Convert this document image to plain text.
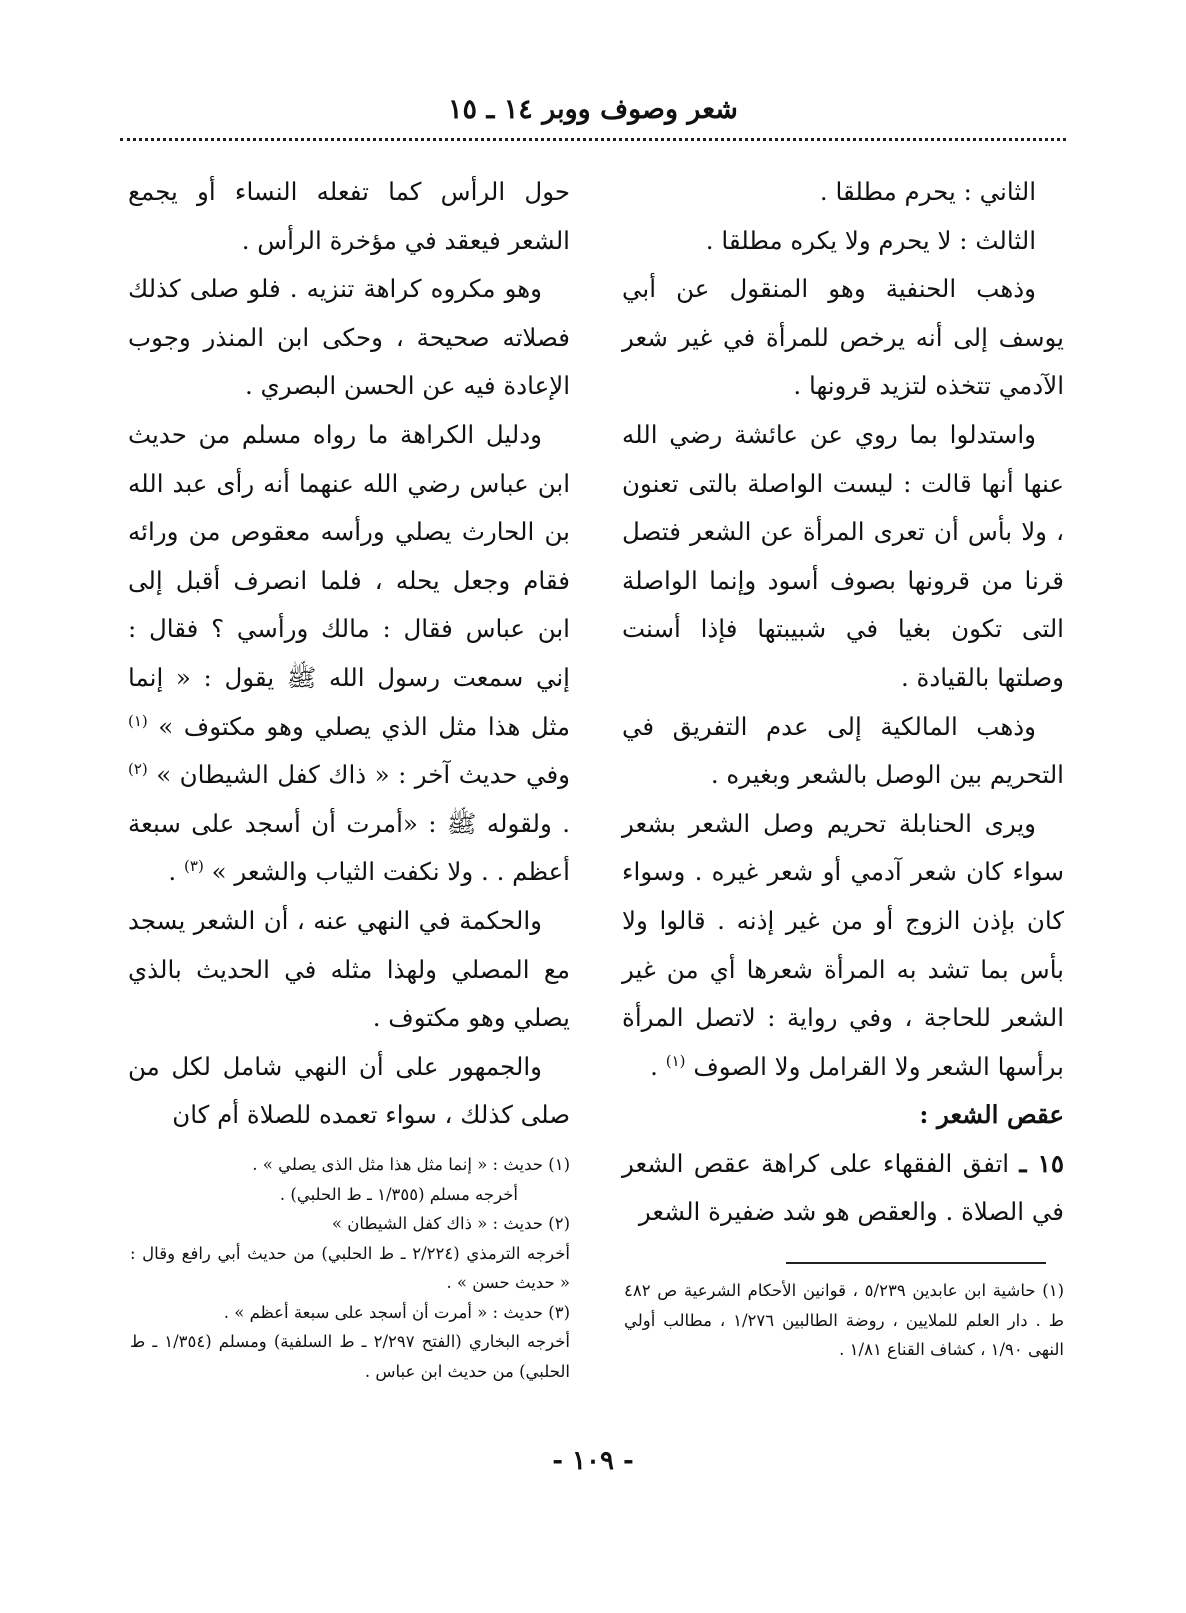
شعر وصوف ووبر ١٤ ـ ١٥

الثاني : يحرم مطلقا .

الثالث : لا يحرم ولا يكره مطلقا .

وذهب الحنفية وهو المنقول عن أبي يوسف إلى أنه يرخص للمرأة في غير شعر الآدمي تتخذه لتزيد قرونها .

واستدلوا بما روي عن عائشة رضي الله عنها أنها قالت : ليست الواصلة بالتى تعنون ، ولا بأس أن تعرى المرأة عن الشعر فتصل قرنا من قرونها بصوف أسود وإنما الواصلة التى تكون بغيا في شبيبتها فإذا أسنت وصلتها بالقيادة .

وذهب المالكية إلى عدم التفريق في التحريم بين الوصل بالشعر وبغيره .

ويرى الحنابلة تحريم وصل الشعر بشعر سواء كان شعر آدمي أو شعر غيره . وسواء كان بإذن الزوج أو من غير إذنه . قالوا ولا بأس بما تشد به المرأة شعرها أي من غير الشعر للحاجة ، وفي رواية : لاتصل المرأة برأسها الشعر ولا القرامل ولا الصوف $^{(١)}$ .

عقص الشعر :

١٥ ـ اتفق الفقهاء على كراهة عقص الشعر في الصلاة . والعقص هو شد ضفيرة الشعر

حول الرأس كما تفعله النساء أو يجمع الشعر فيعقد في مؤخرة الرأس .

وهو مكروه كراهة تنزيه . فلو صلى كذلك فصلاته صحيحة ، وحكى ابن المنذر وجوب الإعادة فيه عن الحسن البصري .

ودليل الكراهة ما رواه مسلم من حديث ابن عباس رضي الله عنهما أنه رأى عبد الله بن الحارث يصلي ورأسه معقوص من ورائه فقام وجعل يحله ، فلما انصرف أقبل إلى ابن عباس فقال : مالك ورأسي ؟ فقال : إني سمعت رسول الله ﷺ يقول : « إنما مثل هذا مثل الذي يصلي وهو مكتوف » $^{(١)}$ وفي حديث آخر : « ذاك كفل الشيطان » $^{(٢)}$ . ولقوله ﷺ : «أمرت أن أسجد على سبعة أعظم . . ولا نكفت الثياب والشعر » $^{(٣)}$ .

والحكمة في النهي عنه ، أن الشعر يسجد مع المصلي ولهذا مثله في الحديث بالذي يصلي وهو مكتوف .

والجمهور على أن النهي شامل لكل من صلى كذلك ، سواء تعمده للصلاة أم كان

(١) حاشية ابن عابدين ٥/٢٣٩ ، قوانين الأحكام الشرعية ص ٤٨٢ ط . دار العلم للملايين ، روضة الطالبين ١/٢٧٦ ، مطالب أولي النهى ١/٩٠ ، كشاف القناع ١/٨١ .

(١) حديث : « إنما مثل هذا مثل الذى يصلي » .

أخرجه مسلم (١/٣٥٥ ـ ط الحلبي) .

(٢) حديث : « ذاك كفل الشيطان »

أخرجه الترمذي (٢/٢٢٤ ـ ط الحلبي) من حديث أبي رافع وقال : « حديث حسن » .

(٣) حديث : « أمرت أن أسجد على سبعة أعظم » .

أخرجه البخاري (الفتح ٢/٢٩٧ ـ ط السلفية) ومسلم (١/٣٥٤ ـ ط الحلبي) من حديث ابن عباس .

- ١٠٩ -
